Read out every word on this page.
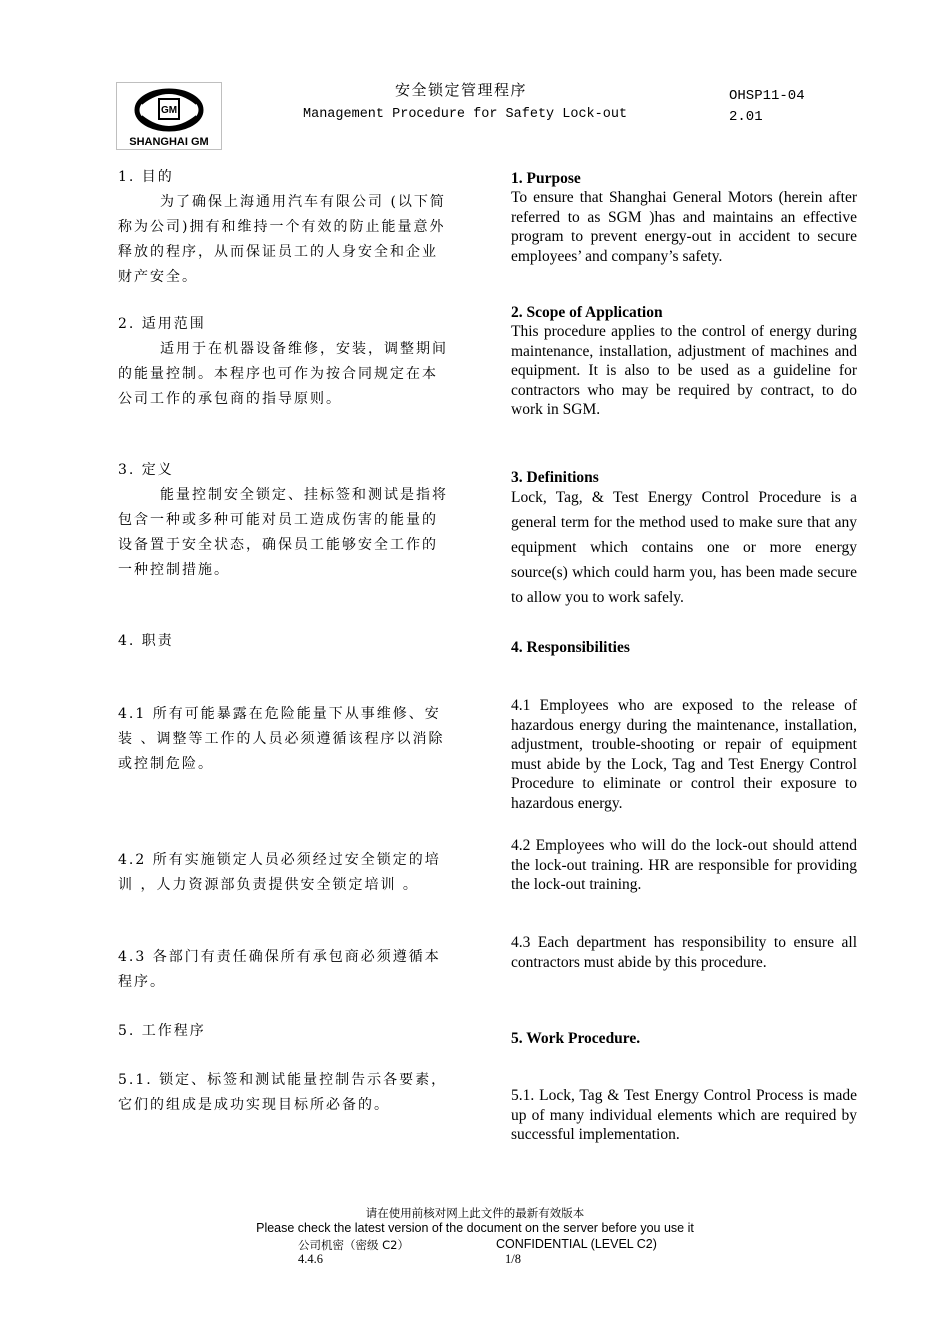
GM
SHANGHAI GM
安全锁定管理程序
Management Procedure for Safety Lock-out
OHSP11-04
2.01
1. 目的
为了确保上海通用汽车有限公司 (以下简称为公司)拥有和维持一个有效的防止能量意外释放的程序，从而保证员工的人身安全和企业财产安全。
2. 适用范围
适用于在机器设备维修，安装，调整期间的能量控制。本程序也可作为按合同规定在本公司工作的承包商的指导原则。
3. 定义
能量控制安全锁定、挂标签和测试是指将包含一种或多种可能对员工造成伤害的能量的设备置于安全状态，确保员工能够安全工作的一种控制措施。
4. 职责
4.1 所有可能暴露在危险能量下从事维修、安装 、调整等工作的人员必须遵循该程序以消除或控制危险。
4.2 所有实施锁定人员必须经过安全锁定的培训 ，人力资源部负责提供安全锁定培训 。
4.3 各部门有责任确保所有承包商必须遵循本程序。
5. 工作程序
5.1. 锁定、标签和测试能量控制告示各要素，它们的组成是成功实现目标所必备的。
1. Purpose
To ensure that Shanghai General Motors (herein after referred to as SGM )has and maintains an effective program to prevent energy-out in accident to secure employees’ and company’s safety.
2. Scope of Application
This procedure applies to the control of energy during maintenance, installation, adjustment of machines and equipment. It is also to be used as a guideline for contractors who may be required by contract, to do work in SGM.
3. Definitions
Lock, Tag, & Test Energy Control Procedure is a general term for the method used to make sure that any equipment which contains one or more energy source(s) which could harm you, has been made secure to allow you to work safely.
4. Responsibilities
4.1 Employees who are exposed to the release of hazardous energy during the maintenance, installation, adjustment, trouble-shooting or repair of equipment must abide by the Lock, Tag and Test Energy Control Procedure to eliminate or control their exposure to hazardous energy.
4.2 Employees who will do the lock-out should attend the lock-out training. HR are responsible for providing the lock-out training.
4.3 Each department has responsibility to ensure all contractors must abide by this procedure.
5. Work Procedure.
5.1. Lock, Tag & Test Energy Control Process is made up of many individual elements which are required by successful implementation.
请在使用前核对网上此文件的最新有效版本
Please check the latest version of the document on the server before you use it
公司机密（密级 C2）	CONFIDENTIAL (LEVEL C2)
4.4.6	1/8
